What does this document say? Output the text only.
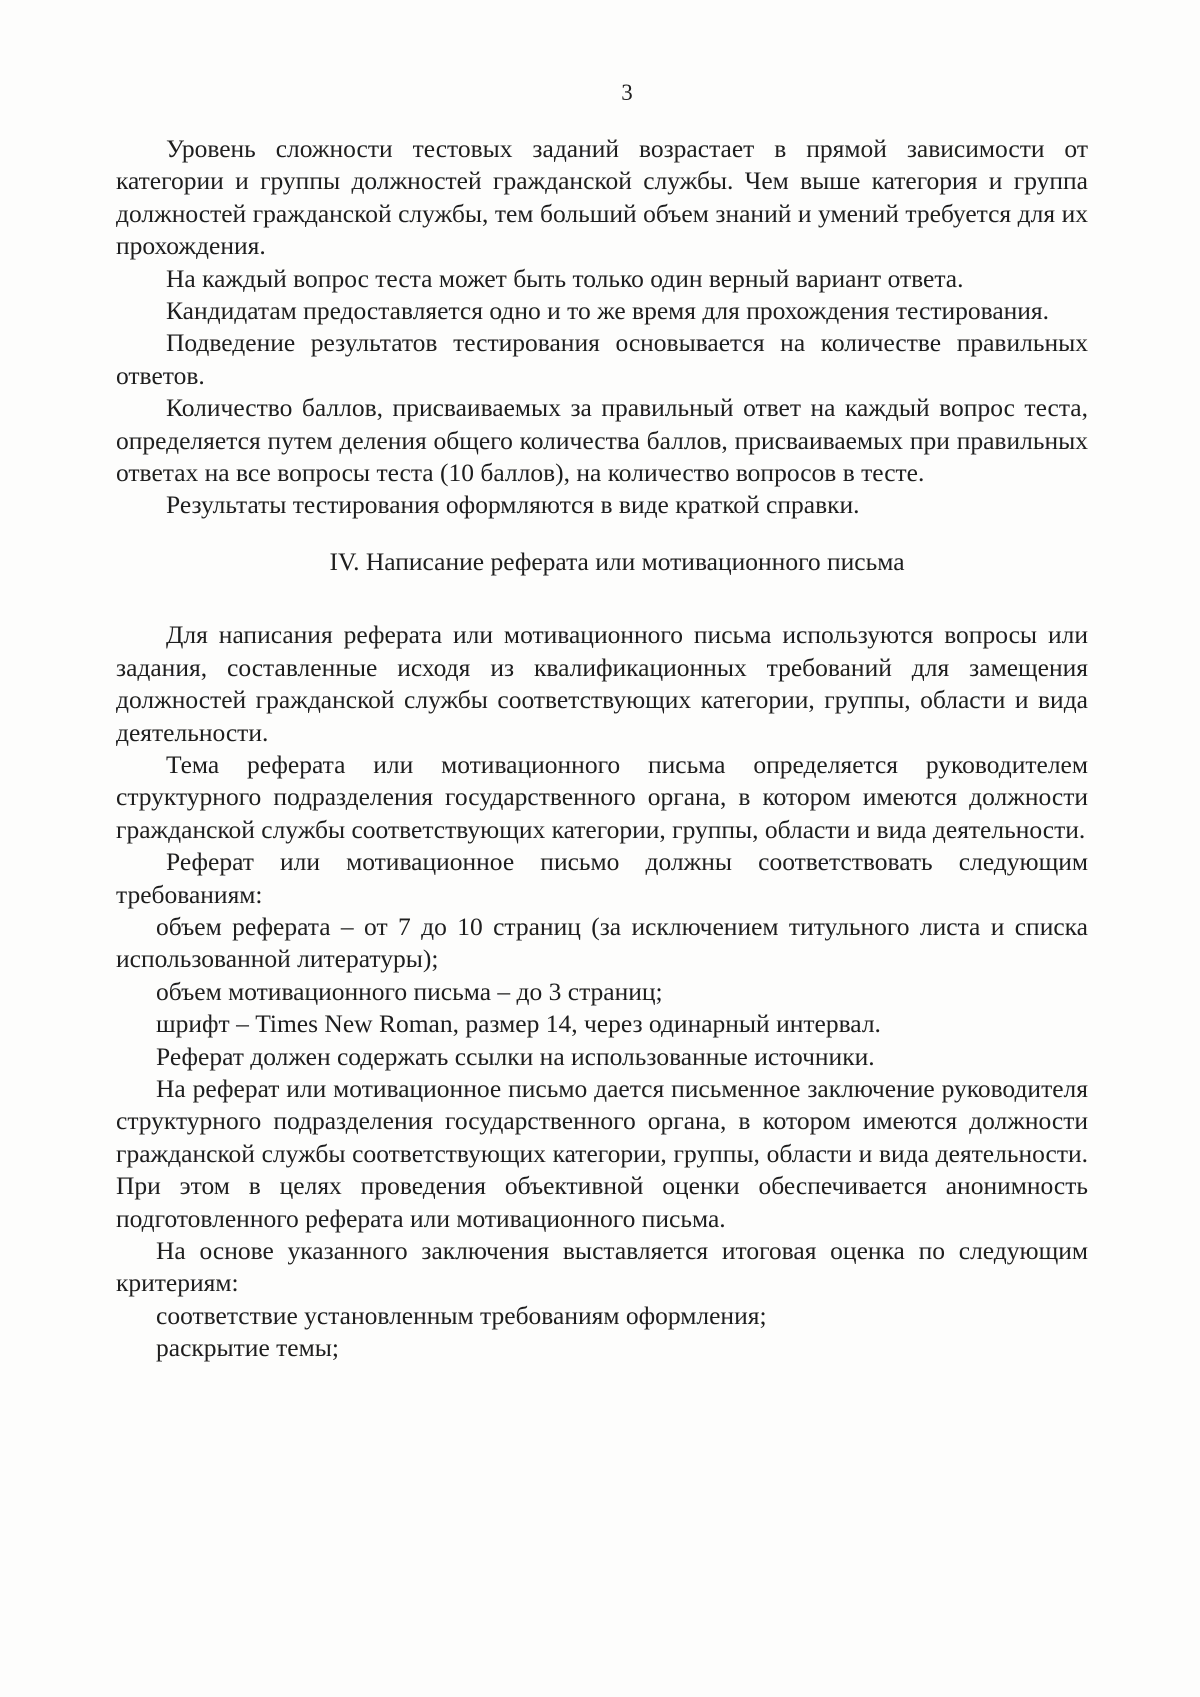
3

Уровень сложности тестовых заданий возрастает в прямой зависимости от категории и группы должностей гражданской службы. Чем выше категория и группа должностей гражданской службы, тем больший объем знаний и умений требуется для их прохождения.

На каждый вопрос теста может быть только один верный вариант ответа.

Кандидатам предоставляется одно и то же время для прохождения тестирования.

Подведение результатов тестирования основывается на количестве правильных ответов.

Количество баллов, присваиваемых за правильный ответ на каждый вопрос теста, определяется путем деления общего количества баллов, присваиваемых при правильных ответах на все вопросы теста (10 баллов), на количество вопросов в тесте.

Результаты тестирования оформляются в виде краткой справки.

IV. Написание реферата или мотивационного письма

Для написания реферата или мотивационного письма используются вопросы или задания, составленные исходя из квалификационных требований для замещения должностей гражданской службы соответствующих категории, группы, области и вида деятельности.

Тема реферата или мотивационного письма определяется руководителем структурного подразделения государственного органа, в котором имеются должности гражданской службы соответствующих категории, группы, области и вида деятельности.

Реферат или мотивационное письмо должны соответствовать следующим требованиям:

объем реферата – от 7 до 10 страниц (за исключением титульного листа и списка использованной литературы);

объем мотивационного письма – до 3 страниц;

шрифт – Times New Roman, размер 14, через одинарный интервал.

Реферат должен содержать ссылки на использованные источники.

На реферат или мотивационное письмо дается письменное заключение руководителя структурного подразделения государственного органа, в котором имеются должности гражданской службы соответствующих категории, группы, области и вида деятельности. При этом в целях проведения объективной оценки обеспечивается анонимность подготовленного реферата или мотивационного письма.

На основе указанного заключения выставляется итоговая оценка по следующим критериям:

соответствие установленным требованиям оформления;

раскрытие темы;
